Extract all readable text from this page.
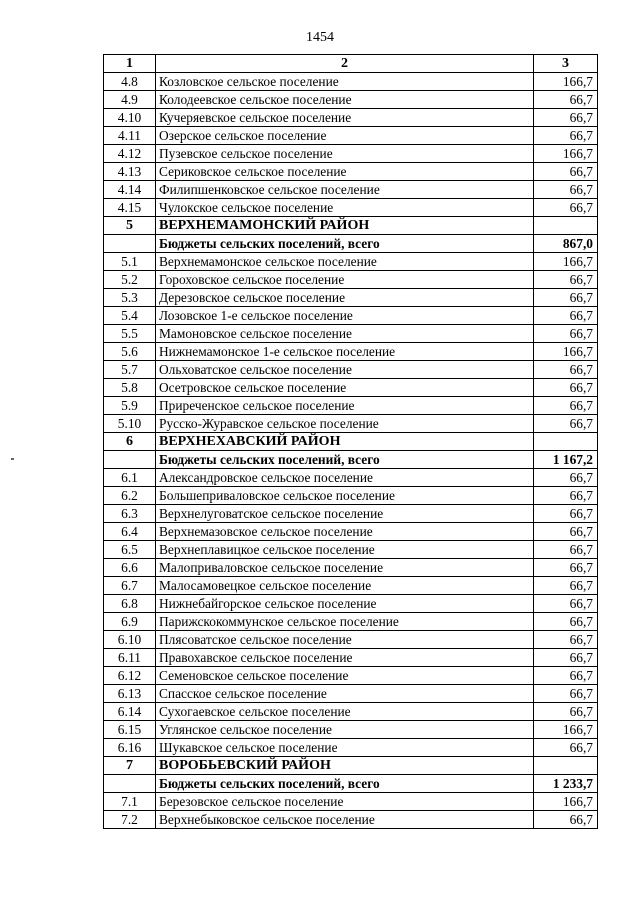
1454
1	2	3
4.8	Козловское сельское поселение	166,7
4.9	Колодеевское сельское поселение	66,7
4.10	Кучеряевское сельское поселение	66,7
4.11	Озерское сельское поселение	66,7
4.12	Пузевское сельское поселение	166,7
4.13	Сериковское сельское поселение	66,7
4.14	Филипшенковское сельское поселение	66,7
4.15	Чулокское сельское поселение	66,7
5	ВЕРХНЕМАМОНСКИЙ РАЙОН	
	Бюджеты сельских поселений, всего	867,0
5.1	Верхнемамонское сельское поселение	166,7
5.2	Гороховское сельское поселение	66,7
5.3	Дерезовское сельское поселение	66,7
5.4	Лозовское 1-е сельское поселение	66,7
5.5	Мамоновское сельское поселение	66,7
5.6	Нижнемамонское 1-е сельское поселение	166,7
5.7	Ольховатское сельское поселение	66,7
5.8	Осетровское сельское поселение	66,7
5.9	Приреченское сельское поселение	66,7
5.10	Русско-Журавское сельское поселение	66,7
6	ВЕРХНЕХАВСКИЙ РАЙОН	
	Бюджеты сельских поселений, всего	1 167,2
6.1	Александровское сельское поселение	66,7
6.2	Большеприваловское сельское поселение	66,7
6.3	Верхнелуговатское сельское поселение	66,7
6.4	Верхнемазовское сельское поселение	66,7
6.5	Верхнеплавицкое сельское поселение	66,7
6.6	Малоприваловское сельское поселение	66,7
6.7	Малосамовецкое сельское поселение	66,7
6.8	Нижнебайгорское сельское поселение	66,7
6.9	Парижскокоммунское сельское поселение	66,7
6.10	Плясоватское сельское поселение	66,7
6.11	Правохавское сельское поселение	66,7
6.12	Семеновское сельское поселение	66,7
6.13	Спасское сельское поселение	66,7
6.14	Сухогаевское сельское поселение	66,7
6.15	Углянское сельское поселение	166,7
6.16	Шукавское сельское поселение	66,7
7	ВОРОБЬЕВСКИЙ РАЙОН	
	Бюджеты сельских поселений, всего	1 233,7
7.1	Березовское сельское поселение	166,7
7.2	Верхнебыковское сельское поселение	66,7
